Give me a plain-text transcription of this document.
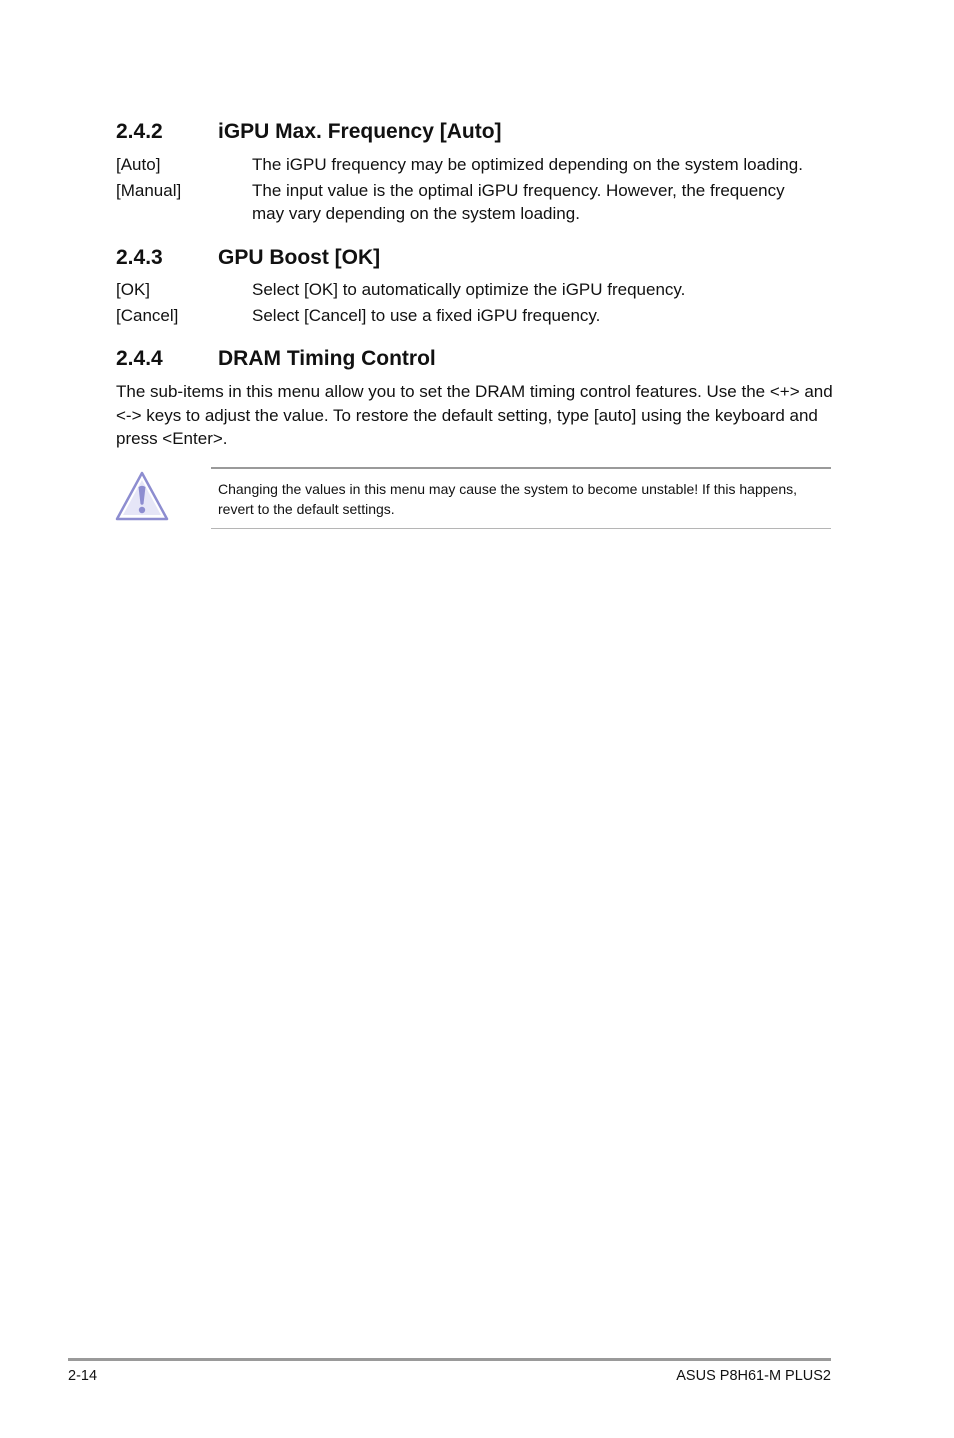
2.4.2	iGPU Max. Frequency [Auto]
[Auto]	The iGPU frequency may be optimized depending on the system loading.
[Manual]	The input value is the optimal iGPU frequency. However, the frequency may vary depending on the system loading.
2.4.3	GPU Boost [OK]
[OK]	Select [OK] to automatically optimize the iGPU frequency.
[Cancel]	Select [Cancel] to use a fixed iGPU frequency.
2.4.4	DRAM Timing Control
The sub-items in this menu allow you to set the DRAM timing control features. Use the <+> and <-> keys to adjust the value. To restore the default setting, type [auto] using the keyboard and press <Enter>.
Changing the values in this menu may cause the system to become unstable! If this happens, revert to the default settings.
2-14	ASUS P8H61-M PLUS2
